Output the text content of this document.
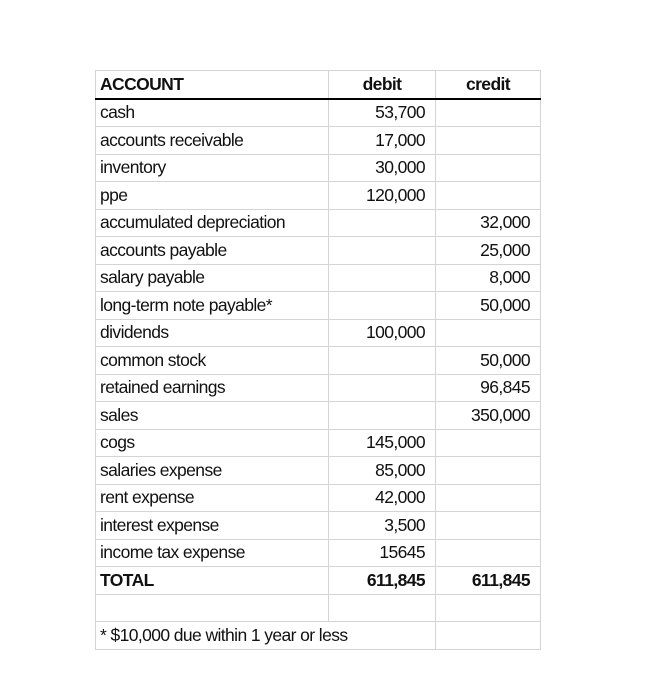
ACCOUNT	debit	credit
cash	53,700	
accounts receivable	17,000	
inventory	30,000	
ppe	120,000	
accumulated depreciation		32,000
accounts payable		25,000
salary payable		8,000
long-term note payable*		50,000
dividends	100,000	
common stock		50,000
retained earnings		96,845
sales		350,000
cogs	145,000	
salaries expense	85,000	
rent expense	42,000	
interest expense	3,500	
income tax expense	15645	
TOTAL	611,845	611,845

* $10,000 due within 1 year or less		
